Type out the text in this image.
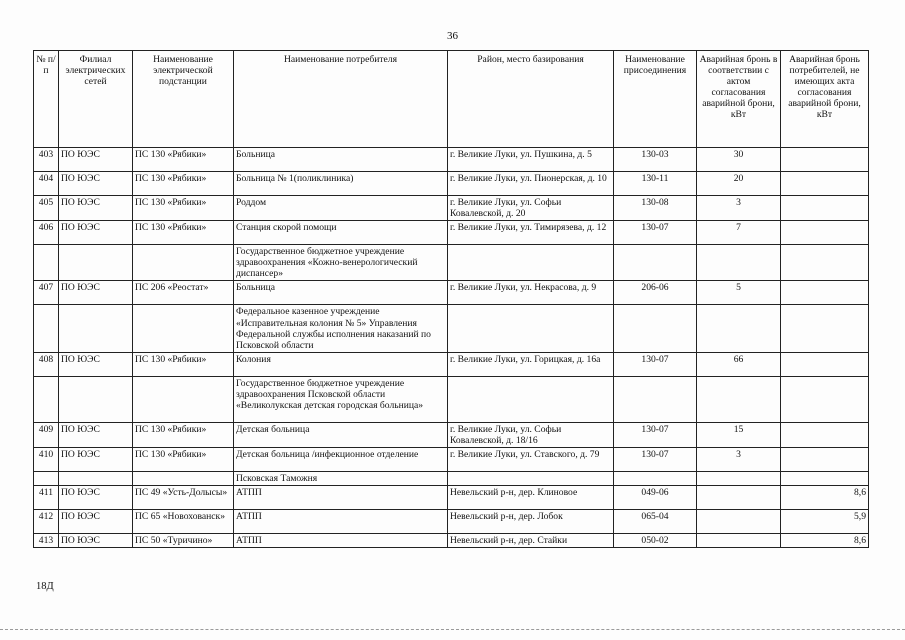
36
№ п/п	Филиал электрических сетей	Наименование электрической подстанции	Наименование потребителя	Район, место базирования	Наименование присоединения	Аварийная бронь в соответствии с актом согласования аварийной брони, кВт	Аварийная бронь потребителей, не имеющих акта согласования аварийной брони, кВт
403	ПО ЮЭС	ПС 130 «Рябики»	Больница	г. Великие Луки, ул. Пушкина, д. 5	130-03	30	
404	ПО ЮЭС	ПС 130 «Рябики»	Больница № 1(поликлиника)	г. Великие Луки, ул. Пионерская, д. 10	130-11	20	
405	ПО ЮЭС	ПС 130 «Рябики»	Роддом	г. Великие Луки, ул. Софьи Ковалевской, д. 20	130-08	3	
406	ПО ЮЭС	ПС 130 «Рябики»	Станция скорой помощи	г. Великие Луки, ул. Тимирязева, д. 12	130-07	7	
			Государственное бюджетное учреждение здравоохранения «Кожно-венерологический диспансер»				
407	ПО ЮЭС	ПС 206 «Реостат»	Больница	г. Великие Луки, ул. Некрасова, д. 9	206-06	5	
			Федеральное казенное учреждение «Исправительная колония № 5» Управления Федеральной службы исполнения наказаний по Псковской области				
408	ПО ЮЭС	ПС 130 «Рябики»	Колония	г. Великие Луки, ул. Горицкая, д. 16а	130-07	66	
			Государственное бюджетное учреждение здравоохранения Псковской области «Великолукская детская городская больница»				
409	ПО ЮЭС	ПС 130 «Рябики»	Детская больница	г. Великие Луки, ул. Софьи Ковалевской, д. 18/16	130-07	15	
410	ПО ЮЭС	ПС 130 «Рябики»	Детская больница /инфекционное отделение	г. Великие Луки, ул. Ставского, д. 79	130-07	3	
			Псковская Таможня				
411	ПО ЮЭС	ПС 49 «Усть-Долысы»	АТПП	Невельский р-н, дер. Клиновое	049-06		8,6
412	ПО ЮЭС	ПС 65 «Новохованск»	АТПП	Невельский р-н, дер. Лобок	065-04		5,9
413	ПО ЮЭС	ПС 50 «Туричино»	АТПП	Невельский р-н, дер. Стайки	050-02		8,6
18Д
